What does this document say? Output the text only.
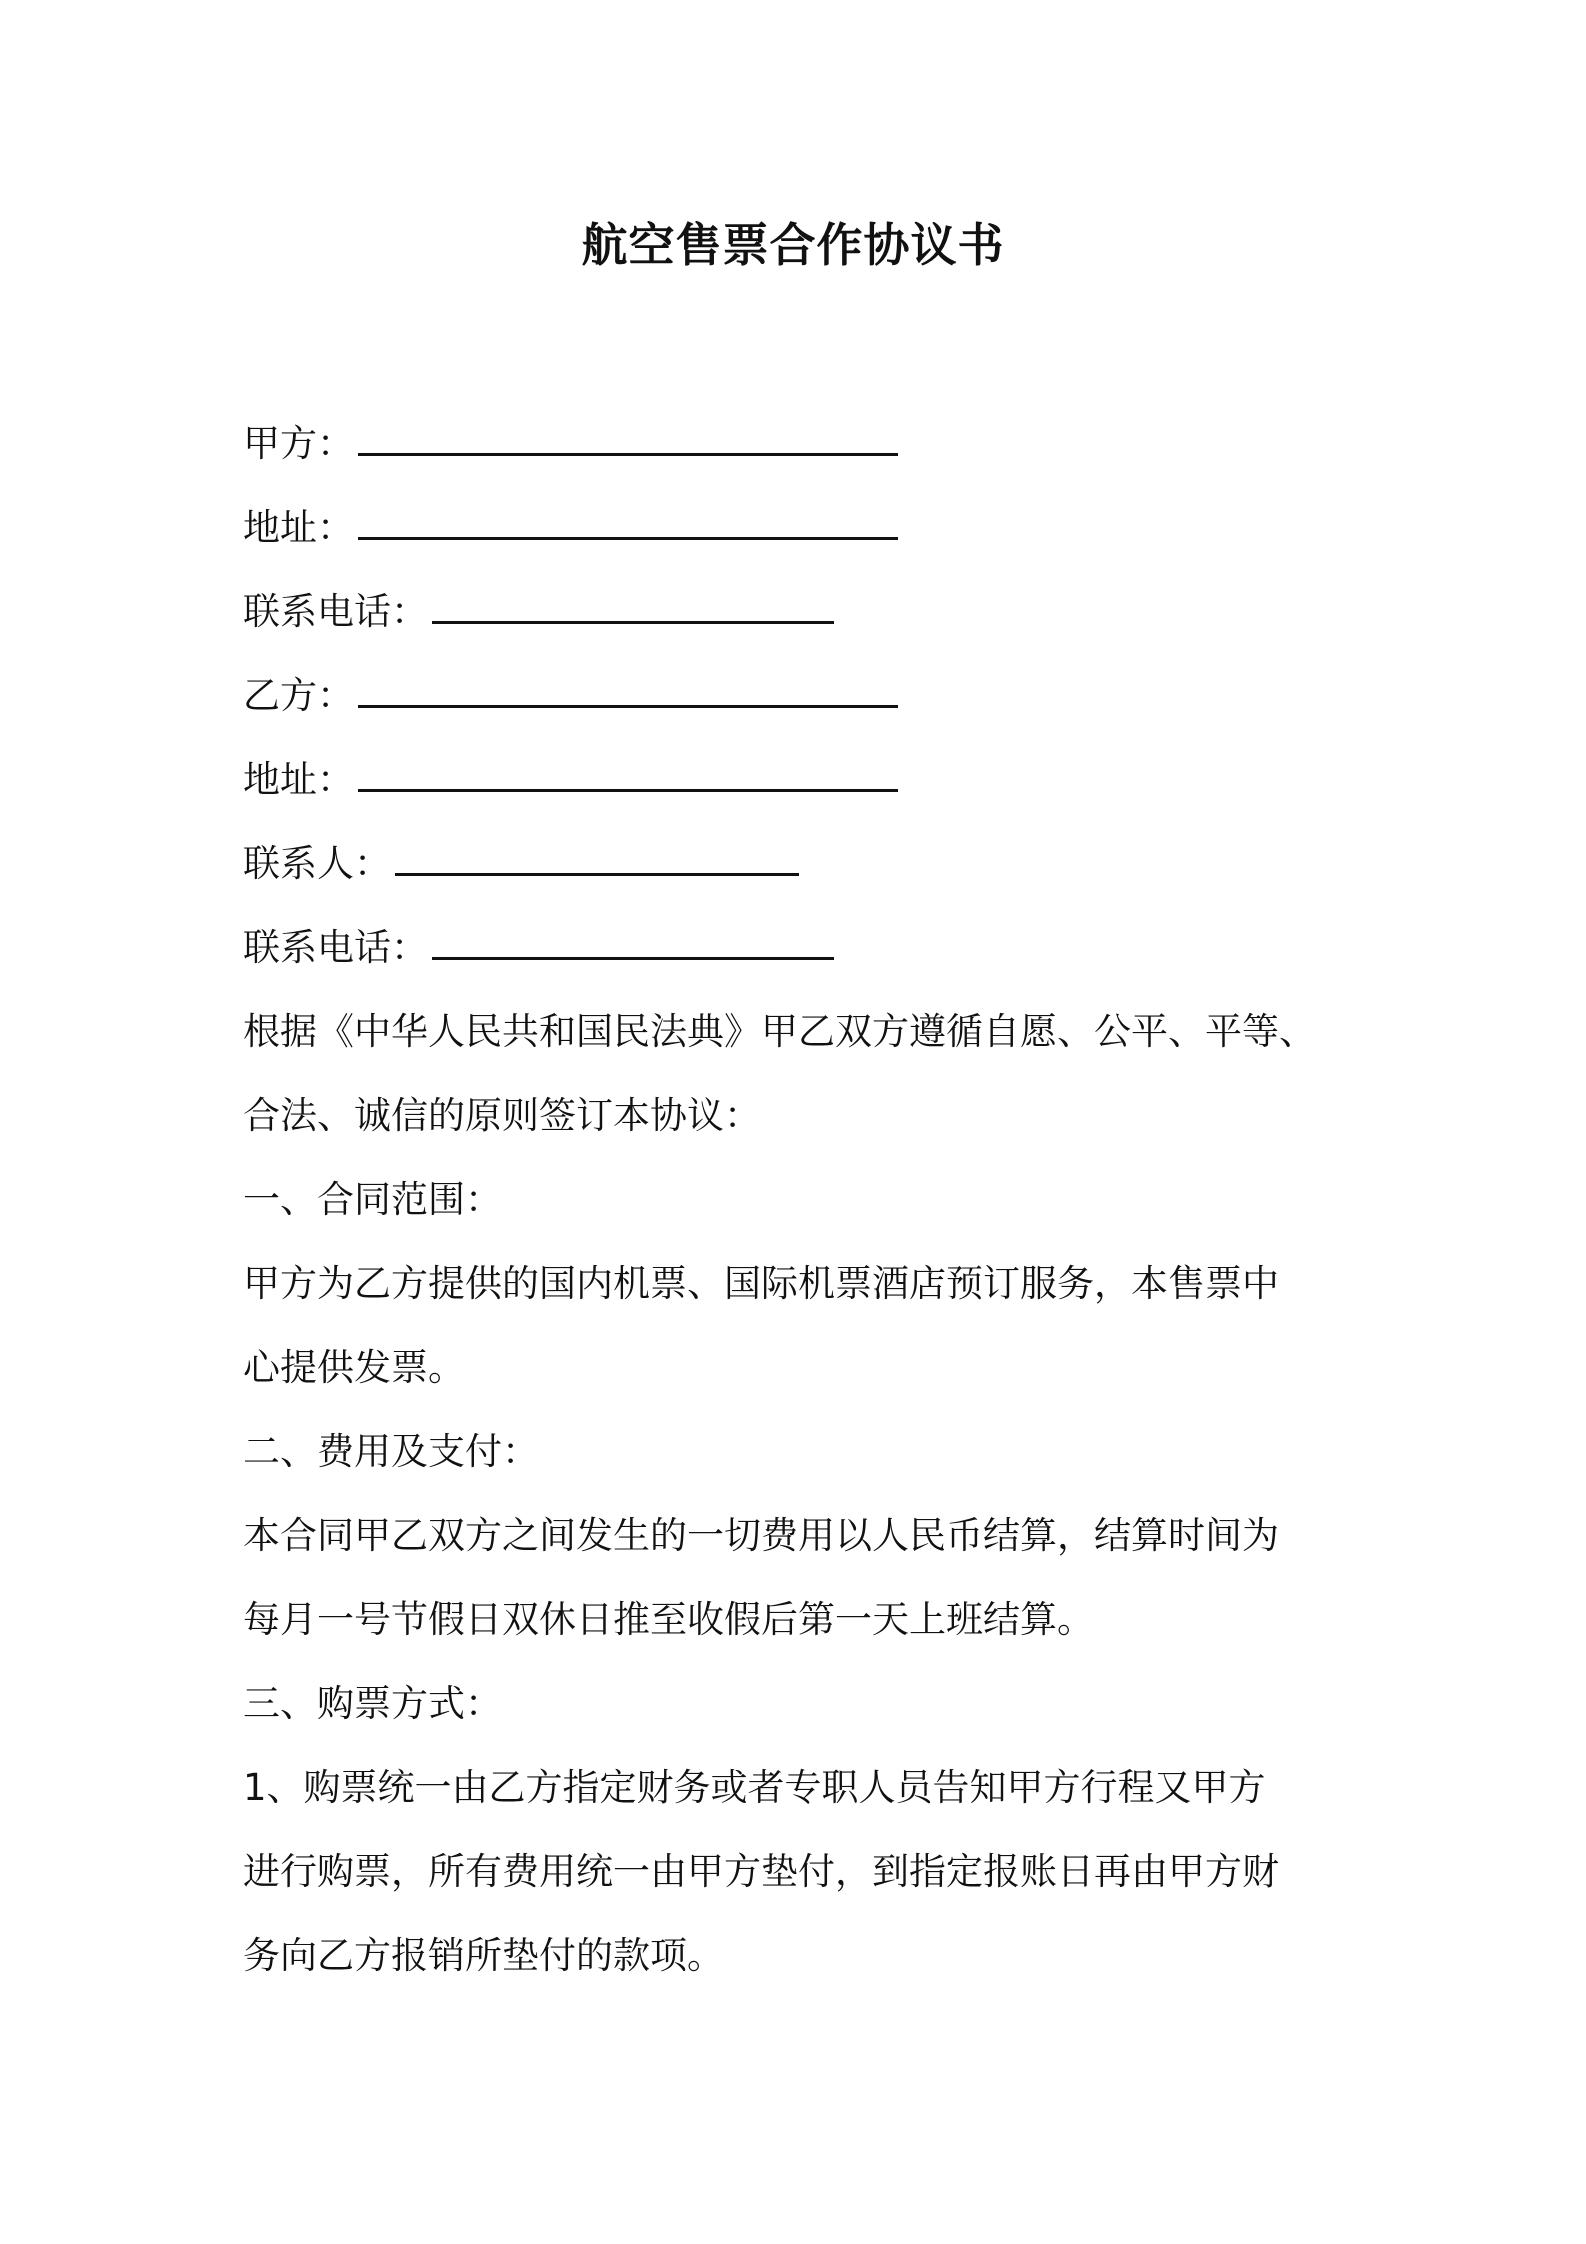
航空售票合作协议书
甲方：
地址：
联系电话：
乙方：
地址：
联系人：
联系电话：
根据《中华人民共和国民法典》甲乙双方遵循自愿、公平、平等、
合法、诚信的原则签订本协议：
一、合同范围：
甲方为乙方提供的国内机票、国际机票酒店预订服务，本售票中
心提供发票。
二、费用及支付：
本合同甲乙双方之间发生的一切费用以人民币结算，结算时间为
每月一号节假日双休日推至收假后第一天上班结算。
三、购票方式：
1、购票统一由乙方指定财务或者专职人员告知甲方行程又甲方
进行购票，所有费用统一由甲方垫付，到指定报账日再由甲方财
务向乙方报销所垫付的款项。
